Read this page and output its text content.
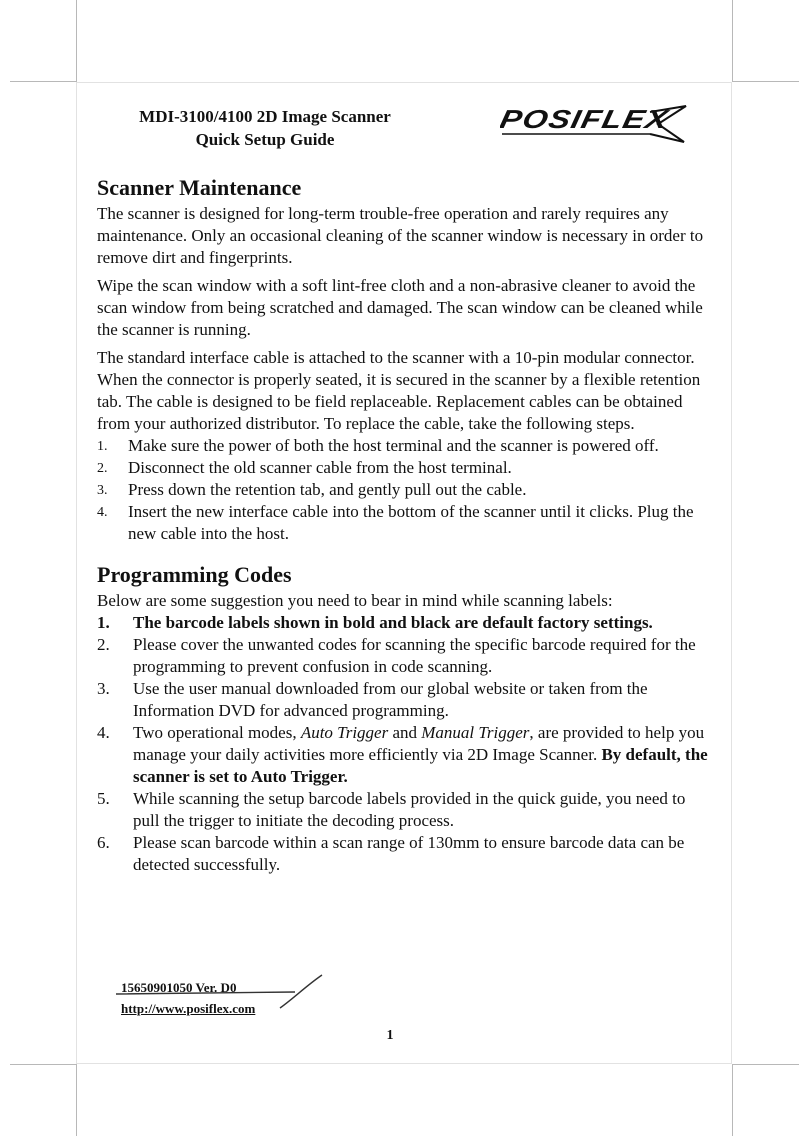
MDI-3100/4100 2D Image Scanner
Quick Setup Guide
POSIFLEX
Scanner Maintenance

The scanner is designed for long-term trouble-free operation and rarely requires any maintenance. Only an occasional cleaning of the scanner window is necessary in order to remove dirt and fingerprints.

Wipe the scan window with a soft lint-free cloth and a non-abrasive cleaner to avoid the scan window from being scratched and damaged. The scan window can be cleaned while the scanner is running.

The standard interface cable is attached to the scanner with a 10-pin modular connector. When the connector is properly seated, it is secured in the scanner by a flexible retention tab. The cable is designed to be field replaceable. Replacement cables can be obtained from your authorized distributor. To replace the cable, take the following steps.

1. Make sure the power of both the host terminal and the scanner is powered off.
2. Disconnect the old scanner cable from the host terminal.
3. Press down the retention tab, and gently pull out the cable.
4. Insert the new interface cable into the bottom of the scanner until it clicks. Plug the new cable into the host.
Programming Codes

Below are some suggestion you need to bear in mind while scanning labels:

1. The barcode labels shown in bold and black are default factory settings.
2. Please cover the unwanted codes for scanning the specific barcode required for the programming to prevent confusion in code scanning.
3. Use the user manual downloaded from our global website or taken from the Information DVD for advanced programming.
4. Two operational modes, Auto Trigger and Manual Trigger, are provided to help you manage your daily activities more efficiently via 2D Image Scanner. By default, the scanner is set to Auto Trigger.
5. While scanning the setup barcode labels provided in the quick guide, you need to pull the trigger to initiate the decoding process.
6. Please scan barcode within a scan range of 130mm to ensure barcode data can be detected successfully.
15650901050 Ver. D0
http://www.posiflex.com
1
